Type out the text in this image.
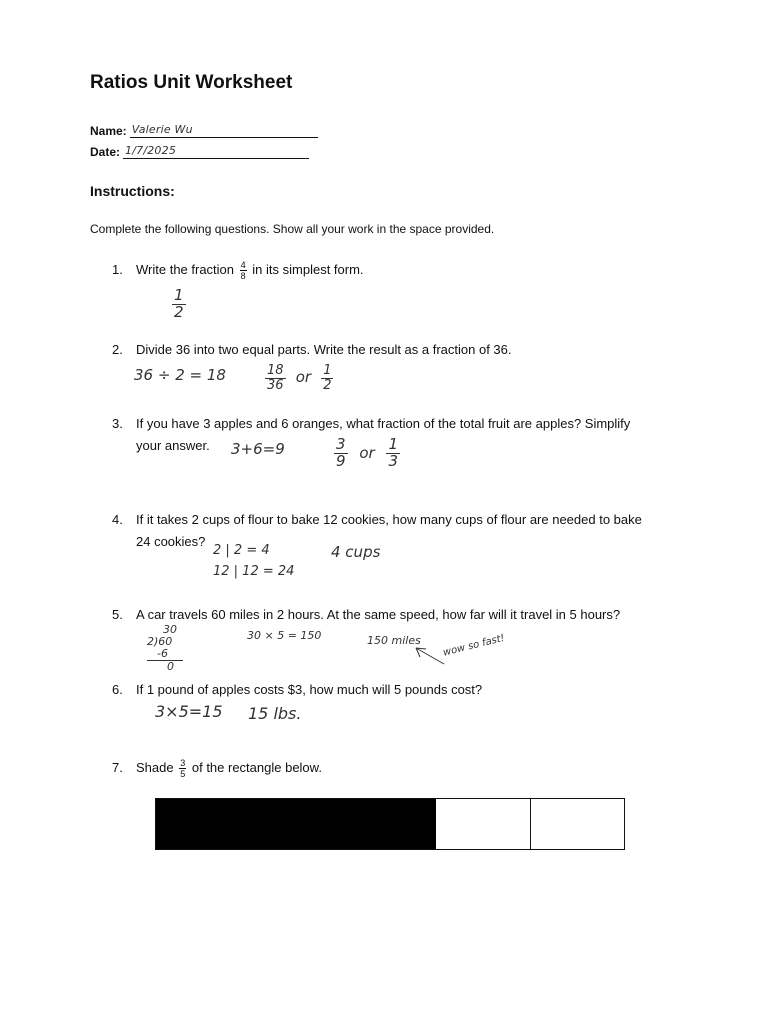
Ratios Unit Worksheet
Name: Valerie Wu
Date: 1/7/2025
Instructions:
Complete the following questions. Show all your work in the space provided.
1. Write the fraction $\frac{4}{8}$ in its simplest form.
$\frac{1}{2}$
2. Divide 36 into two equal parts. Write the result as a fraction of 36.
36 ÷ 2 = 18	$\frac{18}{36}$ or $\frac{1}{2}$
3. If you have 3 apples and 6 oranges, what fraction of the total fruit are apples? Simplify
your answer.	3+6=9	$\frac{3}{9}$ or $\frac{1}{3}$
4. If it takes 2 cups of flour to bake 12 cookies, how many cups of flour are needed to bake
24 cookies?
2 | 2 = 4
12 | 12 = 24
4 cups
5. A car travels 60 miles in 2 hours. At the same speed, how far will it travel in 5 hours?
30
2)60
-6
0
30 × 5 = 150	150 miles wow so fast!
6. If 1 pound of apples costs $3, how much will 5 pounds cost?
3×5=15 15 lbs.
7. Shade $\frac{3}{5}$ of the rectangle below.
